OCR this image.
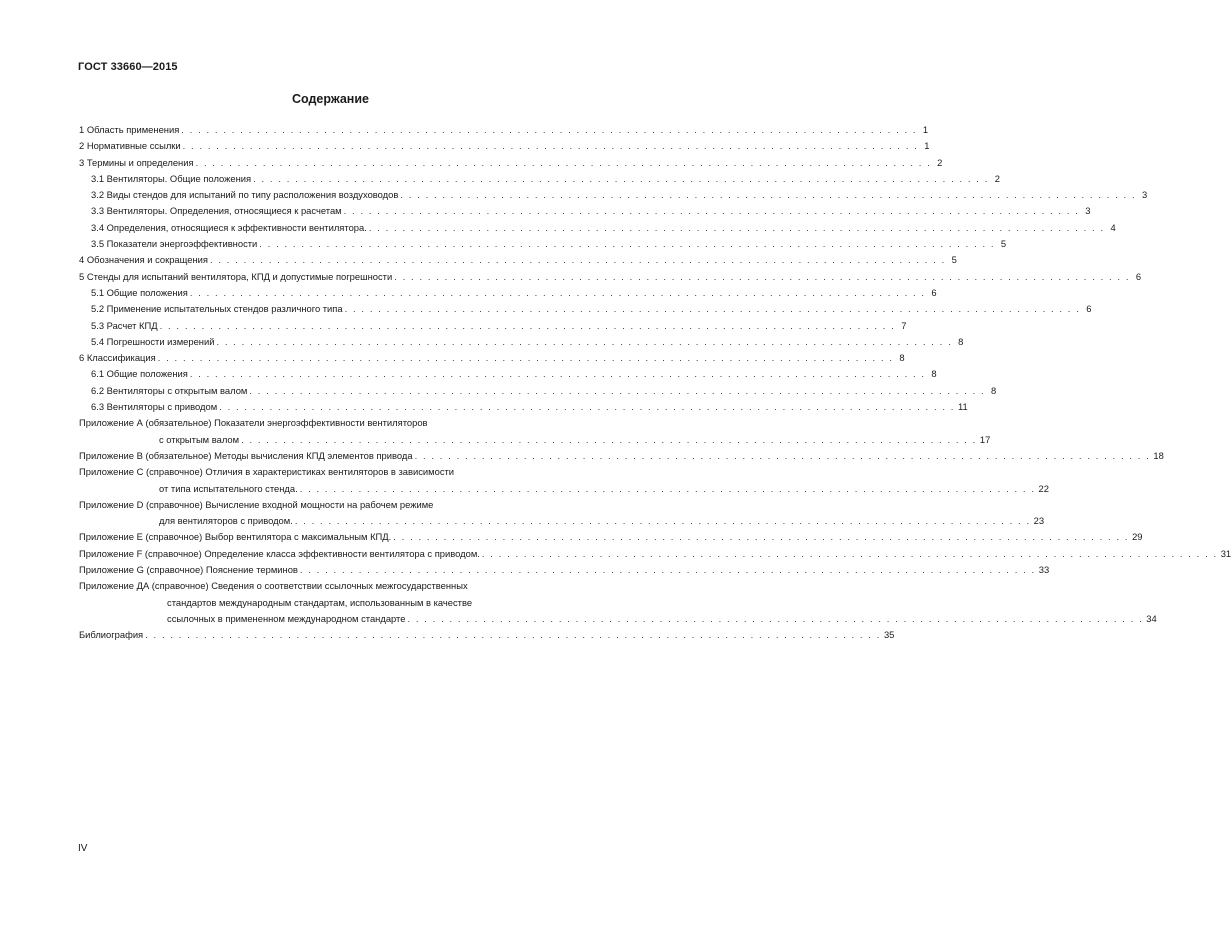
ГОСТ 33660—2015
Содержание
1 Область применения . . . . . . . . . . . . . . . . . . . . . . . . . . . . . . . . . . . . . . . . . . . . . . . . . . . . . . . . . . . . . . . . . . . . . . . . . . . . . . . . . . . . . . . . 1
2 Нормативные ссылки . . . . . . . . . . . . . . . . . . . . . . . . . . . . . . . . . . . . . . . . . . . . . . . . . . . . . . . . . . . . . . . . . . . . . . . . . . . . . . . . . . . . . . . . 1
3 Термины и определения . . . . . . . . . . . . . . . . . . . . . . . . . . . . . . . . . . . . . . . . . . . . . . . . . . . . . . . . . . . . . . . . . . . . . . . . . . . . . . . . . . . . . . . . 2
3.1 Вентиляторы. Общие положения . . . . . . . . . . . . . . . . . . . . . . . . . . . . . . . . . . . . . . . . . . . . . . . . . . . . . . . . . . . . . . . . . . . . . . . . . . . . . . . . . . . . . . . . 2
3.2 Виды стендов для испытаний по типу расположения воздуховодов . . . . . . . . . . . . . . . . . . . . . . . . . . . . . . . . . . . . . . . . . . . . . . . . . . . . . . . . . . . . . . . . . . . . . . . . . . . . . . . . . . . . . . . . 3
3.3 Вентиляторы. Определения, относящиеся к расчетам . . . . . . . . . . . . . . . . . . . . . . . . . . . . . . . . . . . . . . . . . . . . . . . . . . . . . . . . . . . . . . . . . . . . . . . . . . . . . . . . . . . . . . . . 3
3.4 Определения, относящиеся к эффективности вентилятора. . . . . . . . . . . . . . . . . . . . . . . . . . . . . . . . . . . . . . . . . . . . . . . . . . . . . . . . . . . . . . . . . . . . . . . . . . . . . . . . . . . . . . . . . 4
3.5 Показатели энергоэффективности . . . . . . . . . . . . . . . . . . . . . . . . . . . . . . . . . . . . . . . . . . . . . . . . . . . . . . . . . . . . . . . . . . . . . . . . . . . . . . . . . . . . . . . . 5
4 Обозначения и сокращения . . . . . . . . . . . . . . . . . . . . . . . . . . . . . . . . . . . . . . . . . . . . . . . . . . . . . . . . . . . . . . . . . . . . . . . . . . . . . . . . . . . . . . . . 5
5 Стенды для испытаний вентилятора, КПД и допустимые погрешности . . . . . . . . . . . . . . . . . . . . . . . . . . . . . . . . . . . . . . . . . . . . . . . . . . . . . . . . . . . . . . . . . . . . . . . . . . . . . . . . . . . . . . . . 6
5.1 Общие положения . . . . . . . . . . . . . . . . . . . . . . . . . . . . . . . . . . . . . . . . . . . . . . . . . . . . . . . . . . . . . . . . . . . . . . . . . . . . . . . . . . . . . . . . 6
5.2 Применение испытательных стендов различного типа . . . . . . . . . . . . . . . . . . . . . . . . . . . . . . . . . . . . . . . . . . . . . . . . . . . . . . . . . . . . . . . . . . . . . . . . . . . . . . . . . . . . . . . . 6
5.3 Расчет КПД . . . . . . . . . . . . . . . . . . . . . . . . . . . . . . . . . . . . . . . . . . . . . . . . . . . . . . . . . . . . . . . . . . . . . . . . . . . . . . . . . . . . . . . . 7
5.4 Погрешности измерений . . . . . . . . . . . . . . . . . . . . . . . . . . . . . . . . . . . . . . . . . . . . . . . . . . . . . . . . . . . . . . . . . . . . . . . . . . . . . . . . . . . . . . . . 8
6 Классификация . . . . . . . . . . . . . . . . . . . . . . . . . . . . . . . . . . . . . . . . . . . . . . . . . . . . . . . . . . . . . . . . . . . . . . . . . . . . . . . . . . . . . . . . 8
6.1 Общие положения . . . . . . . . . . . . . . . . . . . . . . . . . . . . . . . . . . . . . . . . . . . . . . . . . . . . . . . . . . . . . . . . . . . . . . . . . . . . . . . . . . . . . . . . 8
6.2 Вентиляторы с открытым валом . . . . . . . . . . . . . . . . . . . . . . . . . . . . . . . . . . . . . . . . . . . . . . . . . . . . . . . . . . . . . . . . . . . . . . . . . . . . . . . . . . . . . . . . 8
6.3 Вентиляторы с приводом . . . . . . . . . . . . . . . . . . . . . . . . . . . . . . . . . . . . . . . . . . . . . . . . . . . . . . . . . . . . . . . . . . . . . . . . . . . . . . . . . . . . . . . . 11
Приложение А (обязательное) Показатели энергоэффективности вентиляторов
с открытым валом . . . . . . . . . . . . . . . . . . . . . . . . . . . . . . . . . . . . . . . . . . . . . . . . . . . . . . . . . . . . . . . . . . . . . . . . . . . . . . . . . . . . . . . . 17
Приложение В (обязательное) Методы вычисления КПД элементов привода . . . . . . . . . . . . . . . . . . . . . . . . . . . . . . . . . . . . . . . . . . . . . . . . . . . . . . . . . . . . . . . . . . . . . . . . . . . . . . . . . . . . . . . . 18
Приложение С (справочное) Отличия в характеристиках вентиляторов в зависимости
от типа испытательного стенда. . . . . . . . . . . . . . . . . . . . . . . . . . . . . . . . . . . . . . . . . . . . . . . . . . . . . . . . . . . . . . . . . . . . . . . . . . . . . . . . . . . . . . . . . 22
Приложение D (справочное) Вычисление входной мощности на рабочем режиме
для вентиляторов с приводом. . . . . . . . . . . . . . . . . . . . . . . . . . . . . . . . . . . . . . . . . . . . . . . . . . . . . . . . . . . . . . . . . . . . . . . . . . . . . . . . . . . . . . . . . 23
Приложение Е (справочное) Выбор вентилятора с максимальным КПД. . . . . . . . . . . . . . . . . . . . . . . . . . . . . . . . . . . . . . . . . . . . . . . . . . . . . . . . . . . . . . . . . . . . . . . . . . . . . . . . . . . . . . . . . 29
Приложение F (справочное) Определение класса эффективности вентилятора с приводом. . . . . . . . . . . . . . . . . . . . . . . . . . . . . . . . . . . . . . . . . . . . . . . . . . . . . . . . . . . . . . . . . . . . . . . . . . . . . . . . . . . . . . . . . 31
Приложение G (справочное) Пояснение терминов . . . . . . . . . . . . . . . . . . . . . . . . . . . . . . . . . . . . . . . . . . . . . . . . . . . . . . . . . . . . . . . . . . . . . . . . . . . . . . . . . . . . . . . . 33
Приложение ДА (справочное) Сведения о соответствии ссылочных межгосударственных
стандартов международным стандартам, использованным в качестве
ссылочных в примененном международном стандарте . . . . . . . . . . . . . . . . . . . . . . . . . . . . . . . . . . . . . . . . . . . . . . . . . . . . . . . . . . . . . . . . . . . . . . . . . . . . . . . . . . . . . . . . 34
Библиография . . . . . . . . . . . . . . . . . . . . . . . . . . . . . . . . . . . . . . . . . . . . . . . . . . . . . . . . . . . . . . . . . . . . . . . . . . . . . . . . . . . . . . . . 35
IV
